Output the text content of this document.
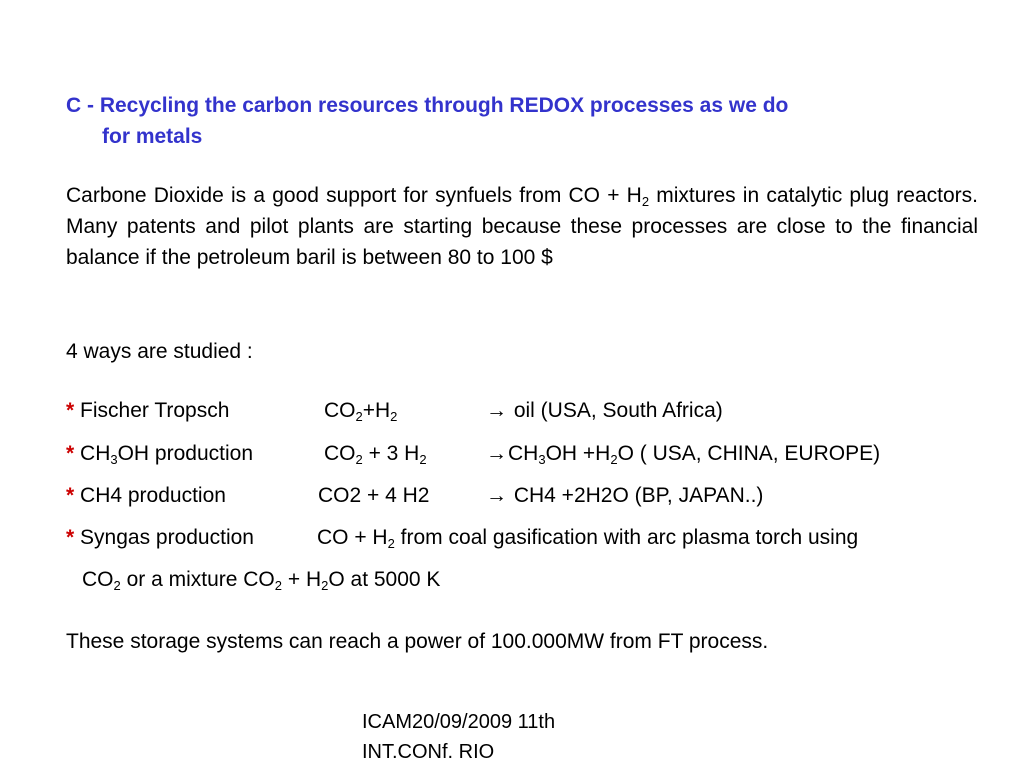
C - Recycling the carbon resources through REDOX processes as we do
for metals
Carbone Dioxide is a good support for synfuels from CO + $H_2$ mixtures in catalytic plug reactors. Many patents and pilot plants are starting because these processes are close to the financial balance if the petroleum baril is between 80 to 100 $
4 ways are studied :
* Fischer Tropsch	$CO_2+H_2$	→ oil (USA, South Africa)
* $CH_3OH$ production	$CO_2 + 3$ $H_2$	$\to CH_3OH +H_2O$ ( USA, CHINA, EUROPE)
* CH4 production	CO2 + 4 H2	→ CH4 +2H2O (BP, JAPAN..)
* Syngas production	CO + $H_2$ from coal gasification with arc plasma torch using
$CO_2$ or a mixture $CO_2 + H_2O$ at 5000 K
These storage systems can reach a power of 100.000MW from FT process.
ICAM20/09/2009 11th
INT.CONf. RIO
